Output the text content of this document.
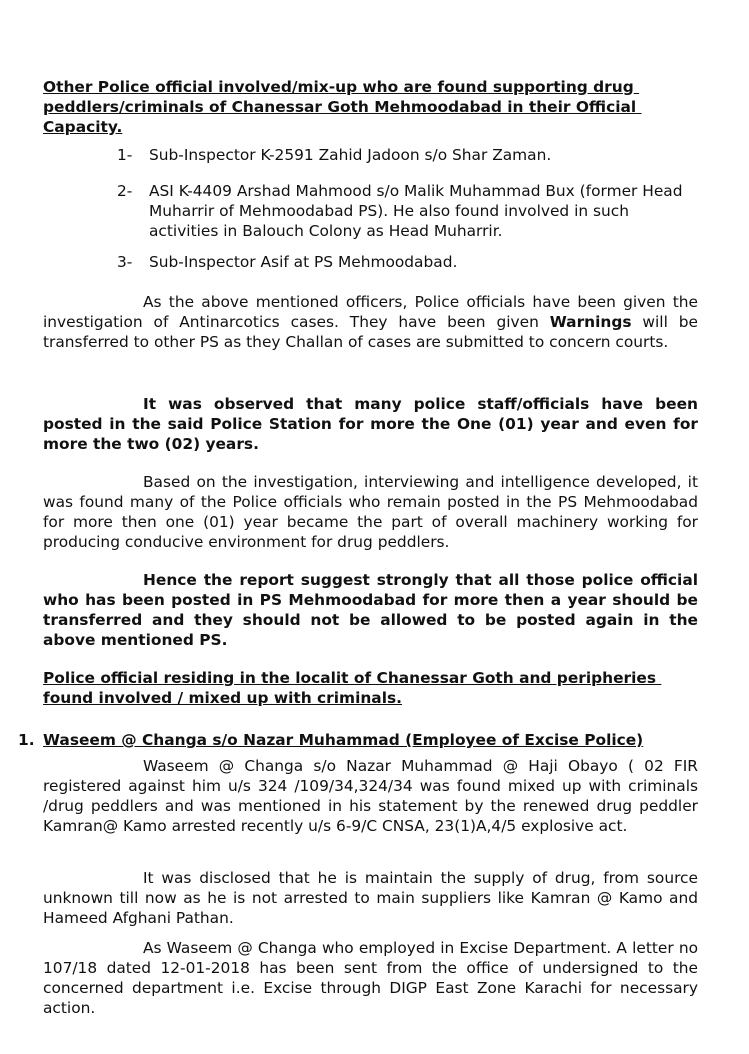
Other Police official involved/mix-up who are found supporting drug peddlers/criminals of Chanessar Goth Mehmoodabad in their Official Capacity.
1- Sub-Inspector K-2591 Zahid Jadoon s/o Shar Zaman.
2- ASI K-4409 Arshad Mahmood s/o Malik Muhammad Bux (former Head Muharrir of Mehmoodabad PS). He also found involved in such activities in Balouch Colony as Head Muharrir.
3- Sub-Inspector Asif at PS Mehmoodabad.
As the above mentioned officers, Police officials have been given the investigation of Antinarcotics cases. They have been given Warnings will be transferred to other PS as they Challan of cases are submitted to concern courts.
It was observed that many police staff/officials have been posted in the said Police Station for more the One (01) year and even for more the two (02) years.
Based on the investigation, interviewing and intelligence developed, it was found many of the Police officials who remain posted in the PS Mehmoodabad for more then one (01) year became the part of overall machinery working for producing conducive environment for drug peddlers.
Hence the report suggest strongly that all those police official who has been posted in PS Mehmoodabad for more then a year should be transferred and they should not be allowed to be posted again in the above mentioned PS.
Police official residing in the localit of Chanessar Goth and peripheries found involved / mixed up with criminals.
1. Waseem @ Changa s/o Nazar Muhammad (Employee of Excise Police)
Waseem @ Changa s/o Nazar Muhammad @ Haji Obayo ( 02 FIR registered against him u/s 324 /109/34,324/34 was found mixed up with criminals /drug peddlers and was mentioned in his statement by the renewed drug peddler Kamran@ Kamo arrested recently u/s 6-9/C CNSA, 23(1)A,4/5 explosive act.
It was disclosed that he is maintain the supply of drug, from source unknown till now as he is not arrested to main suppliers like Kamran @ Kamo and Hameed Afghani Pathan.
As Waseem @ Changa who employed in Excise Department. A letter no 107/18 dated 12-01-2018 has been sent from the office of undersigned to the concerned department i.e. Excise through DIGP East Zone Karachi for necessary action.
